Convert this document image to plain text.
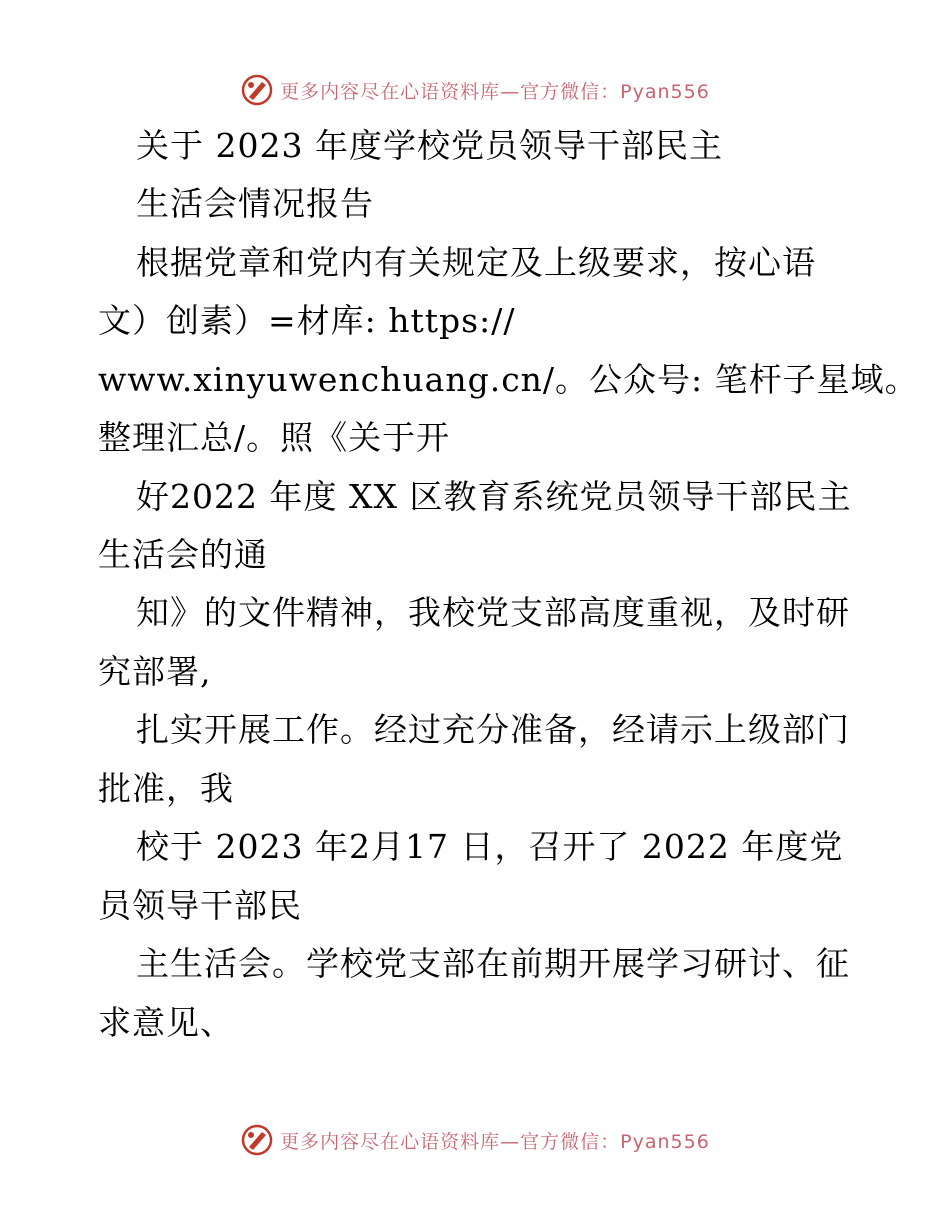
更多内容尽在心语资料库—官方微信：Pyan556
关于 2023 年度学校党员领导干部民主
生活会情况报告
根据党章和党内有关规定及上级要求，按心语
文）创素）=材库: https://
www.xinyuwenchuang.cn/。公众号: 笔杆子星域。
整理汇总/。照《关于开
好2022 年度 XX 区教育系统党员领导干部民主
生活会的通
知》的文件精神，我校党支部高度重视，及时研
究部署,
扎实开展工作。经过充分准备，经请示上级部门
批准，我
校于 2023 年2月17 日，召开了 2022 年度党
员领导干部民
主生活会。学校党支部在前期开展学习研讨、征
求意见、
更多内容尽在心语资料库—官方微信：Pyan556
